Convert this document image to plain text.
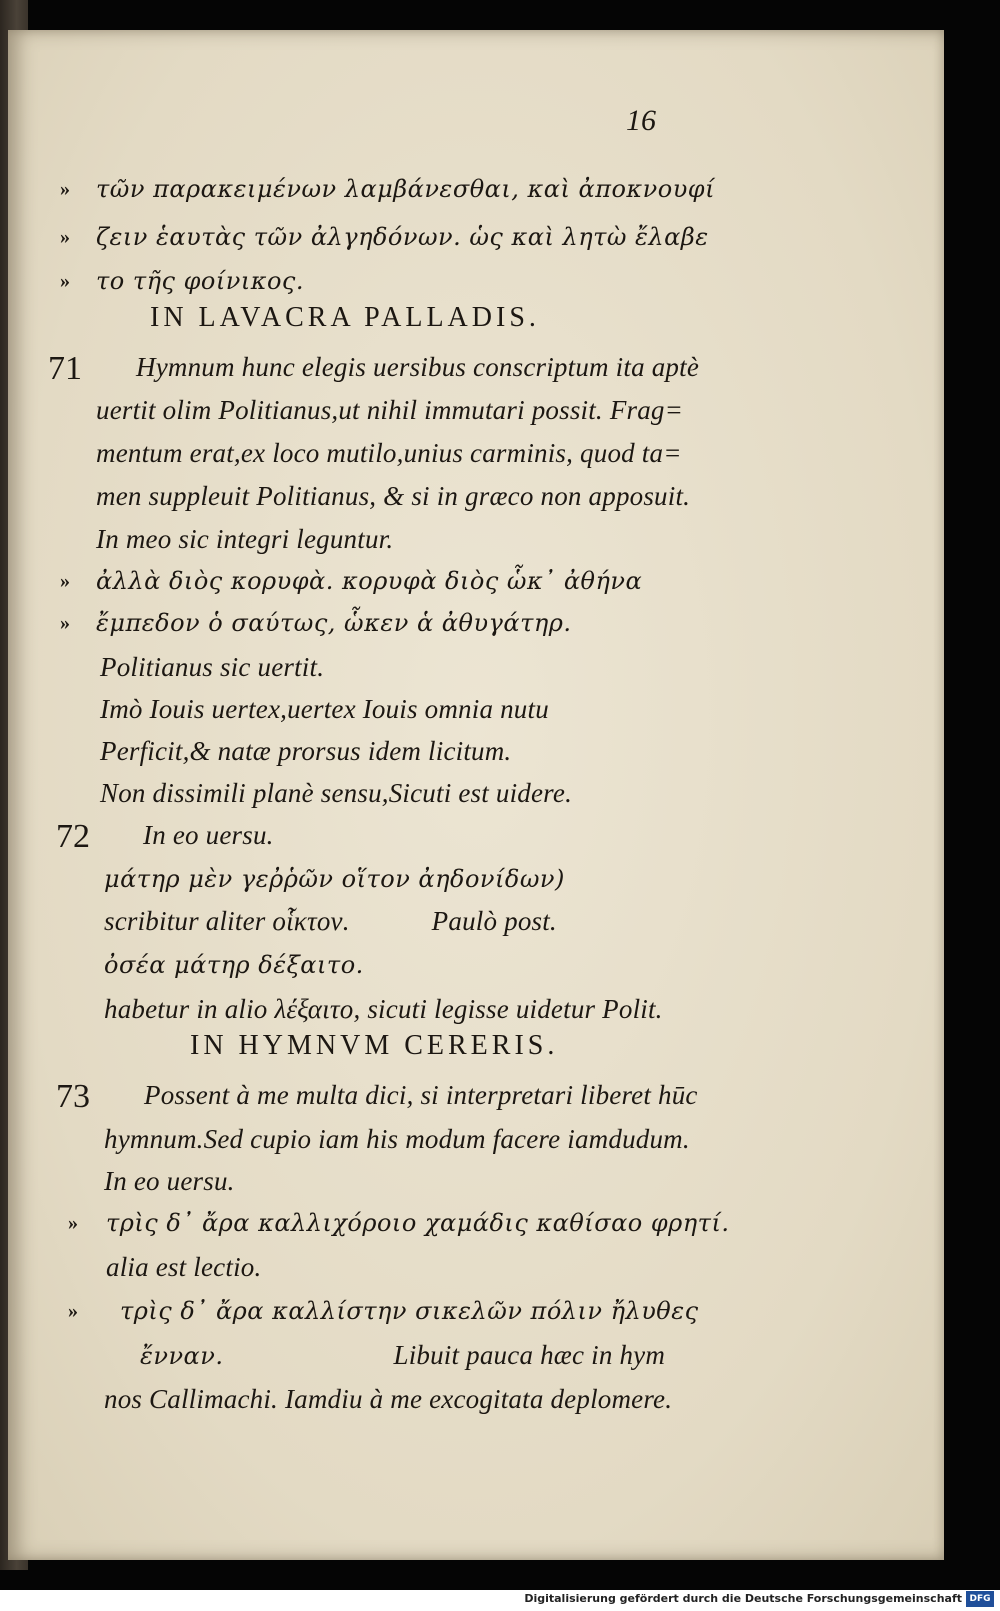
16
» τῶν παρακειμένων λαμβάνεσθαι, καὶ ἀποκνουφί
» ζειν ἑαυτὰς τῶν ἀλγηδόνων. ὡς καὶ λητὼ ἔλαβε
» το τῆς φοίνικος.
IN LAVACRA PALLADIS.
71 Hymnum hunc elegis uersibus conscriptum ita aptè
uertit olim Politianus,ut nihil immutari possit. Frag=
mentum erat,ex loco mutilo,unius carminis, quod ta=
men suppleuit Politianus, & si in græco non apposuit.
In meo sic integri leguntur.
» ἀλλὰ διὸς κορυφὰ. κορυφὰ διὸς ὧκ᾽ ἀθήνα
» ἔμπεδον ὁ σαύτως, ὧκεν ἁ ἀθυγάτηρ.
Politianus sic uertit.
Imò Iouis uertex,uertex Iouis omnia nutu
Perficit,& natæ prorsus idem licitum.
Non dissimili planè sensu,Sicuti est uidere.
72 In eo uersu.
μάτηρ μὲν γεῤῥῶν οἵτον ἀηδονίδων)
scribitur aliter οἷκτον.	Paulò post.
ὀσέα μάτηρ δέξαιτο.
habetur in alio λέξαιτο, sicuti legisse uidetur Polit.
IN HYMNVM CERERIS.
73 Possent à me multa dici, si interpretari liberet hūc
hymnum.Sed cupio iam his modum facere iamdudum.
In eo uersu.
» τρὶς δ᾽ ἄρα καλλιχόροιο χαμάδις καθίσαο φρητί.
alia est lectio.
» τρὶς δ᾽ ἄρα καλλίστην σικελῶν πόλιν ἤλυθες
ἔνναν.	Libuit pauca hæc in hym
nos Callimachi. Iamdiu à me excogitata deplomere.
Digitalisierung gefördert durch die Deutsche Forschungsgemeinschaft DFG
